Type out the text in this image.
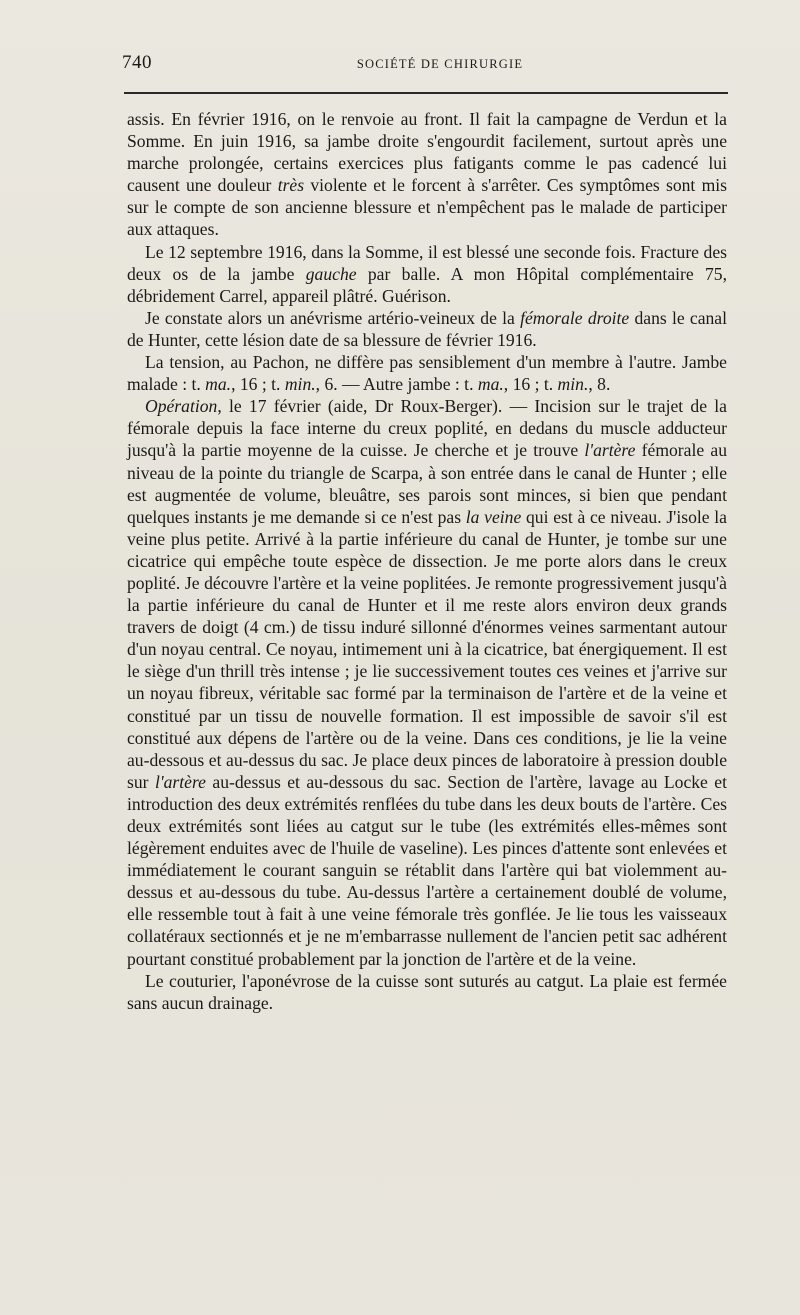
740	SOCIÉTÉ DE CHIRURGIE

assis. En février 1916, on le renvoie au front. Il fait la campagne de Verdun et la Somme. En juin 1916, sa jambe droite s'engourdit facilement, surtout après une marche prolongée, certains exercices plus fatigants comme le pas cadencé lui causent une douleur très violente et le forcent à s'arrêter. Ces symptômes sont mis sur le compte de son ancienne blessure et n'empêchent pas le malade de participer aux attaques.

Le 12 septembre 1916, dans la Somme, il est blessé une seconde fois. Fracture des deux os de la jambe gauche par balle. A mon Hôpital complémentaire 75, débridement Carrel, appareil plâtré. Guérison.

Je constate alors un anévrisme artério-veineux de la fémorale droite dans le canal de Hunter, cette lésion date de sa blessure de février 1916.

La tension, au Pachon, ne diffère pas sensiblement d'un membre à l'autre. Jambe malade : t. ma., 16 ; t. min., 6. — Autre jambe : t. ma., 16 ; t. min., 8.

Opération, le 17 février (aide, Dr Roux-Berger). — Incision sur le trajet de la fémorale depuis la face interne du creux poplité, en dedans du muscle adducteur jusqu'à la partie moyenne de la cuisse. Je cherche et je trouve l'artère fémorale au niveau de la pointe du triangle de Scarpa, à son entrée dans le canal de Hunter ; elle est augmentée de volume, bleuâtre, ses parois sont minces, si bien que pendant quelques instants je me demande si ce n'est pas la veine qui est à ce niveau. J'isole la veine plus petite. Arrivé à la partie inférieure du canal de Hunter, je tombe sur une cicatrice qui empêche toute espèce de dissection. Je me porte alors dans le creux poplité. Je découvre l'artère et la veine poplitées. Je remonte progressivement jusqu'à la partie inférieure du canal de Hunter et il me reste alors environ deux grands travers de doigt (4 cm.) de tissu induré sillonné d'énormes veines sarmentant autour d'un noyau central. Ce noyau, intimement uni à la cicatrice, bat énergiquement. Il est le siège d'un thrill très intense ; je lie successivement toutes ces veines et j'arrive sur un noyau fibreux, véritable sac formé par la terminaison de l'artère et de la veine et constitué par un tissu de nouvelle formation. Il est impossible de savoir s'il est constitué aux dépens de l'artère ou de la veine. Dans ces conditions, je lie la veine au-dessous et au-dessus du sac. Je place deux pinces de laboratoire à pression double sur l'artère au-dessus et au-dessous du sac. Section de l'artère, lavage au Locke et introduction des deux extrémités renflées du tube dans les deux bouts de l'artère. Ces deux extrémités sont liées au catgut sur le tube (les extrémités elles-mêmes sont légèrement enduites avec de l'huile de vaseline). Les pinces d'attente sont enlevées et immédiatement le courant sanguin se rétablit dans l'artère qui bat violemment au-dessus et au-dessous du tube. Au-dessus l'artère a certainement doublé de volume, elle ressemble tout à fait à une veine fémorale très gonflée. Je lie tous les vaisseaux collatéraux sectionnés et je ne m'embarrasse nullement de l'ancien petit sac adhérent pourtant constitué probablement par la jonction de l'artère et de la veine.

Le couturier, l'aponévrose de la cuisse sont suturés au catgut. La plaie est fermée sans aucun drainage.
